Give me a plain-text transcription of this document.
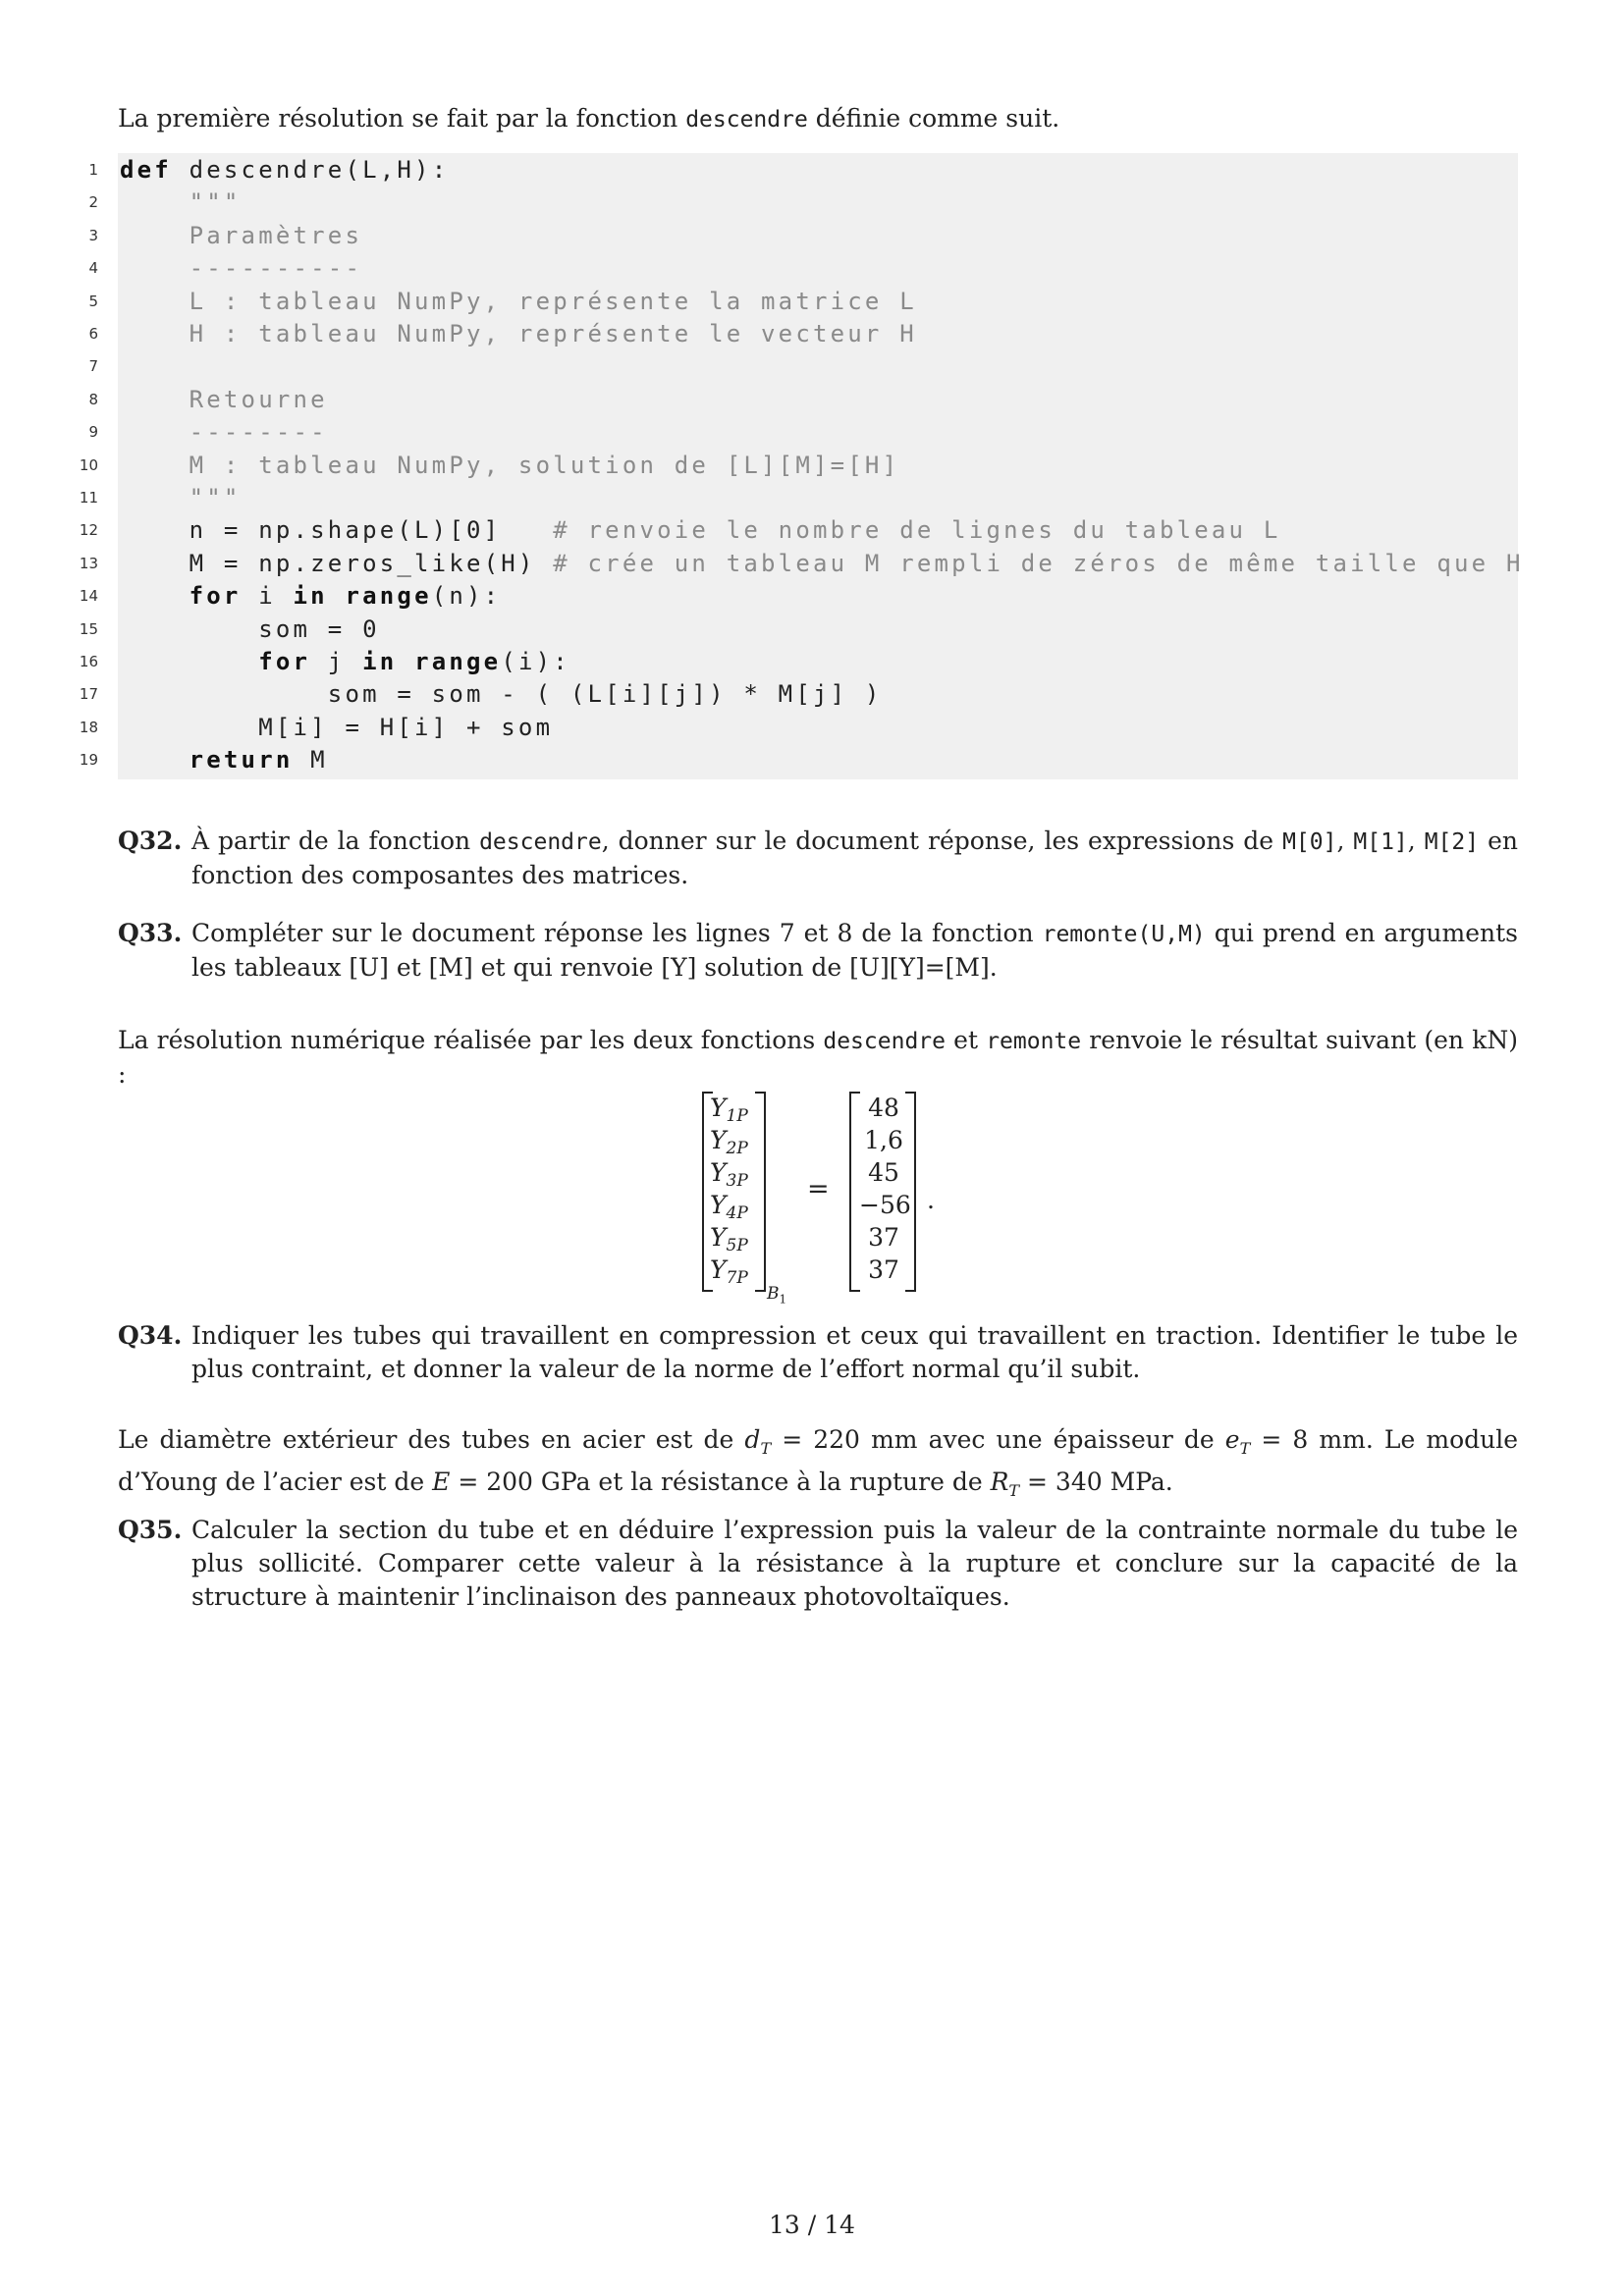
La première résolution se fait par la fonction descendre définie comme suit.
1 def descendre(L,H):
2 """
3 Paramètres
4 ----------
5 L : tableau NumPy, représente la matrice L
6 H : tableau NumPy, représente le vecteur H
7
8 Retourne
9 --------
10 M : tableau NumPy, solution de [L][M]=[H]
11 """
12 n = np.shape(L)[0]   # renvoie le nombre de lignes du tableau L
13 M = np.zeros_like(H) # crée un tableau M rempli de zéros de même taille que H
14	for i in range(n):
15 som = 0
16	for j in range(i):
17 som = som - ( (L[i][j]) * M[j] )
18 M[i] = H[i] + som
19	return M
Q32. À partir de la fonction descendre, donner sur le document réponse, les expressions de M[0], M[1], M[2] en fonction des composantes des matrices.
Q33. Compléter sur le document réponse les lignes 7 et 8 de la fonction remonte(U,M) qui prend en arguments les tableaux [U] et [M] et qui renvoie [Y] solution de [U][Y]=[M].
La résolution numérique réalisée par les deux fonctions descendre et remonte renvoie le résultat suivant (en kN) :
$Y_{1P}$
$Y_{2P}$
$Y_{3P}$
$Y_{4P}$
$Y_{5P}$
$Y_{7P}$
$B_1$
=
48
1,6
45
−56
37
37
.
Q34. Indiquer les tubes qui travaillent en compression et ceux qui travaillent en traction. Identifier le tube le plus contraint, et donner la valeur de la norme de l’effort normal qu’il subit.
Le diamètre extérieur des tubes en acier est de $d_T = 220$ mm avec une épaisseur de $e_T = 8$ mm. Le module d’Young de l’acier est de E = 200 GPa et la résistance à la rupture de $R_T = 340$ MPa.
Q35. Calculer la section du tube et en déduire l’expression puis la valeur de la contrainte normale du tube le plus sollicité. Comparer cette valeur à la résistance à la rupture et conclure sur la capacité de la structure à maintenir l’inclinaison des panneaux photovoltaïques.
13 / 14
